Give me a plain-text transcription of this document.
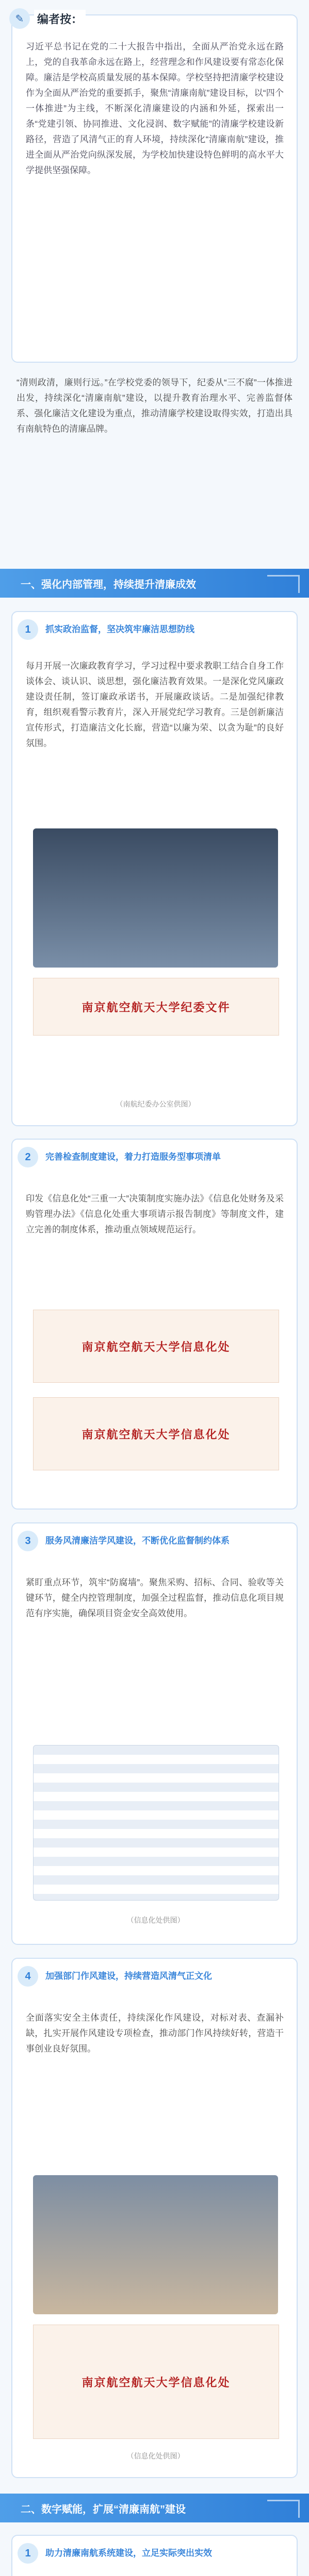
✎ 编者按：
习近平总书记在党的二十大报告中指出，全面从严治党永远在路上，党的自我革命永远在路上，经营理念和作风建设要有常态化保障。廉洁是学校高质量发展的基本保障。学校坚持把清廉学校建设作为全面从严治党的重要抓手，聚焦“清廉南航”建设目标，以“四个一体推进”为主线，不断深化清廉建设的内涵和外延，探索出一条“党建引领、协同推进、文化浸润、数字赋能”的清廉学校建设新路径，营造了风清气正的育人环境，持续深化“清廉南航”建设，推进全面从严治党向纵深发展，为学校加快建设特色鲜明的高水平大学提供坚强保障。
“清则政清，廉则行远。”在学校党委的领导下，纪委从“三不腐”一体推进出发，持续深化“清廉南航”建设，以提升教育治理水平、完善监督体系、强化廉洁文化建设为重点，推动清廉学校建设取得实效，打造出具有南航特色的清廉品牌。
一、强化内部管理，持续提升清廉成效
1	抓实政治监督，坚决筑牢廉洁思想防线
每月开展一次廉政教育学习，学习过程中要求教职工结合自身工作谈体会、谈认识、谈思想，强化廉洁教育效果。一是深化党风廉政建设责任制，签订廉政承诺书，开展廉政谈话。二是加强纪律教育，组织观看警示教育片，深入开展党纪学习教育。三是创新廉洁宣传形式，打造廉洁文化长廊，营造“以廉为荣、以贪为耻”的良好氛围。
南京航空航天大学纪委文件
（南航纪委办公室供图）
2	完善检查制度建设，着力打造服务型事项清单
印发《信息化处“三重一大”决策制度实施办法》《信息化处财务及采购管理办法》《信息化处重大事项请示报告制度》等制度文件，建立完善的制度体系，推动重点领域规范运行。
南京航空航天大学信息化处
南京航空航天大学信息化处
3	服务风清廉洁学风建设，不断优化监督制约体系
紧盯重点环节，筑牢“防腐墙”。聚焦采购、招标、合同、验收等关键环节，健全内控管理制度，加强全过程监督，推动信息化项目规范有序实施，确保项目资金安全高效使用。
（信息化处供图）
4	加强部门作风建设，持续营造风清气正文化
全面落实安全主体责任，持续深化作风建设，对标对表、查漏补缺，扎实开展作风建设专项检查，推动部门作风持续好转，营造干事创业良好氛围。
南京航空航天大学信息化处
（信息化处供图）
二、数字赋能，扩展“清廉南航”建设
1	助力清廉南航系统建设，立足实际突出实效
